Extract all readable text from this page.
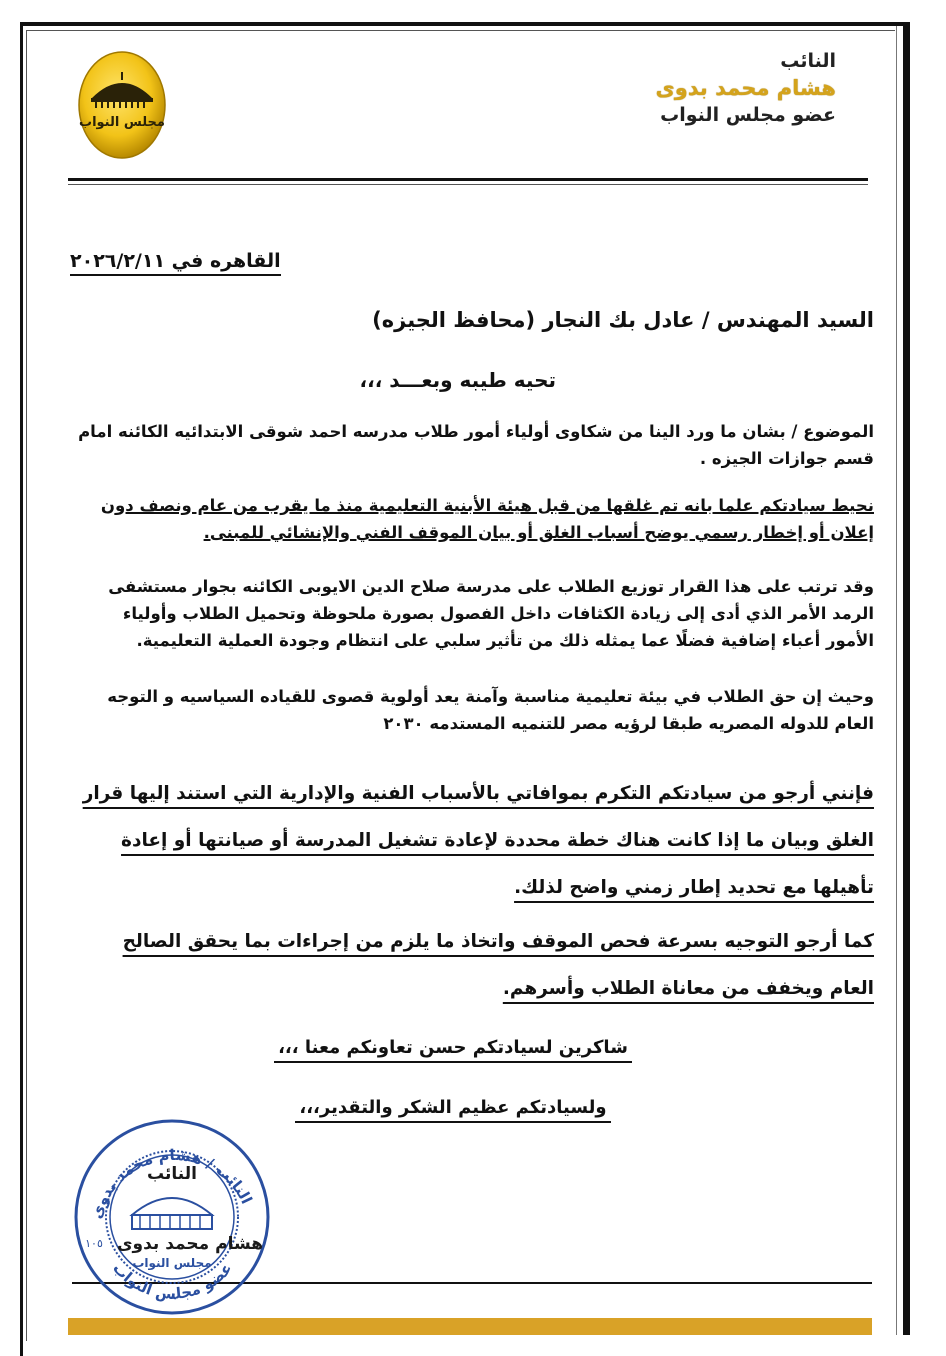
مجلس النواب
النائب
هشام محمد بدوى
عضو مجلس النواب
القاهره في ٢٠٢٦/٢/١١
السيد المهندس / عادل بك النجار (محافظ الجيزه)
تحيه طيبه وبعـــد ،،،
الموضوع / بشان ما ورد الينا من شكاوى أولياء أمور طلاب مدرسه احمد شوقى الابتدائيه الكائنه امام قسم جوازات الجيزه .
نحيط سيادتكم علما بانه تم غلقها من قبل هيئة الأبنية التعليمية منذ ما يقرب من عام ونصف دون إعلان أو إخطار رسمي يوضح أسباب الغلق أو بيان الموقف الفني والإنشائي للمبنى.
وقد ترتب على هذا القرار توزيع الطلاب على مدرسة صلاح الدين الايوبى الكائنه بجوار مستشفى الرمد الأمر الذي أدى إلى زيادة الكثافات داخل الفصول بصورة ملحوظة وتحميل الطلاب وأولياء الأمور أعباء إضافية فضلًا عما يمثله ذلك من تأثير سلبي على انتظام وجودة العملية التعليمية.
وحيث إن حق الطلاب في بيئة تعليمية مناسبة وآمنة يعد أولوية قصوى للقياده السياسيه و التوجه العام للدوله المصريه طبقا لرؤيه مصر للتنميه المستدمه ٢٠٣٠
فإنني أرجو من سيادتكم التكرم بموافاتي بالأسباب الفنية والإدارية التي استند إليها قرار الغلق وبيان ما إذا كانت هناك خطة محددة لإعادة تشغيل المدرسة أو صيانتها أو إعادة تأهيلها مع تحديد إطار زمني واضح لذلك.
كما أرجو التوجيه بسرعة فحص الموقف واتخاذ ما يلزم من إجراءات بما يحقق الصالح العام ويخفف من معاناة الطلاب وأسرهم.
شاكرين لسيادتكم حسن تعاونكم معنا ،،،
ولسيادتكم عظيم الشكر والتقدير،،،
النائب / هشام محمد بدوى
عضو مجلس النواب
النائب
هشام محمد بدوى
مجلس النواب
١٠٥
